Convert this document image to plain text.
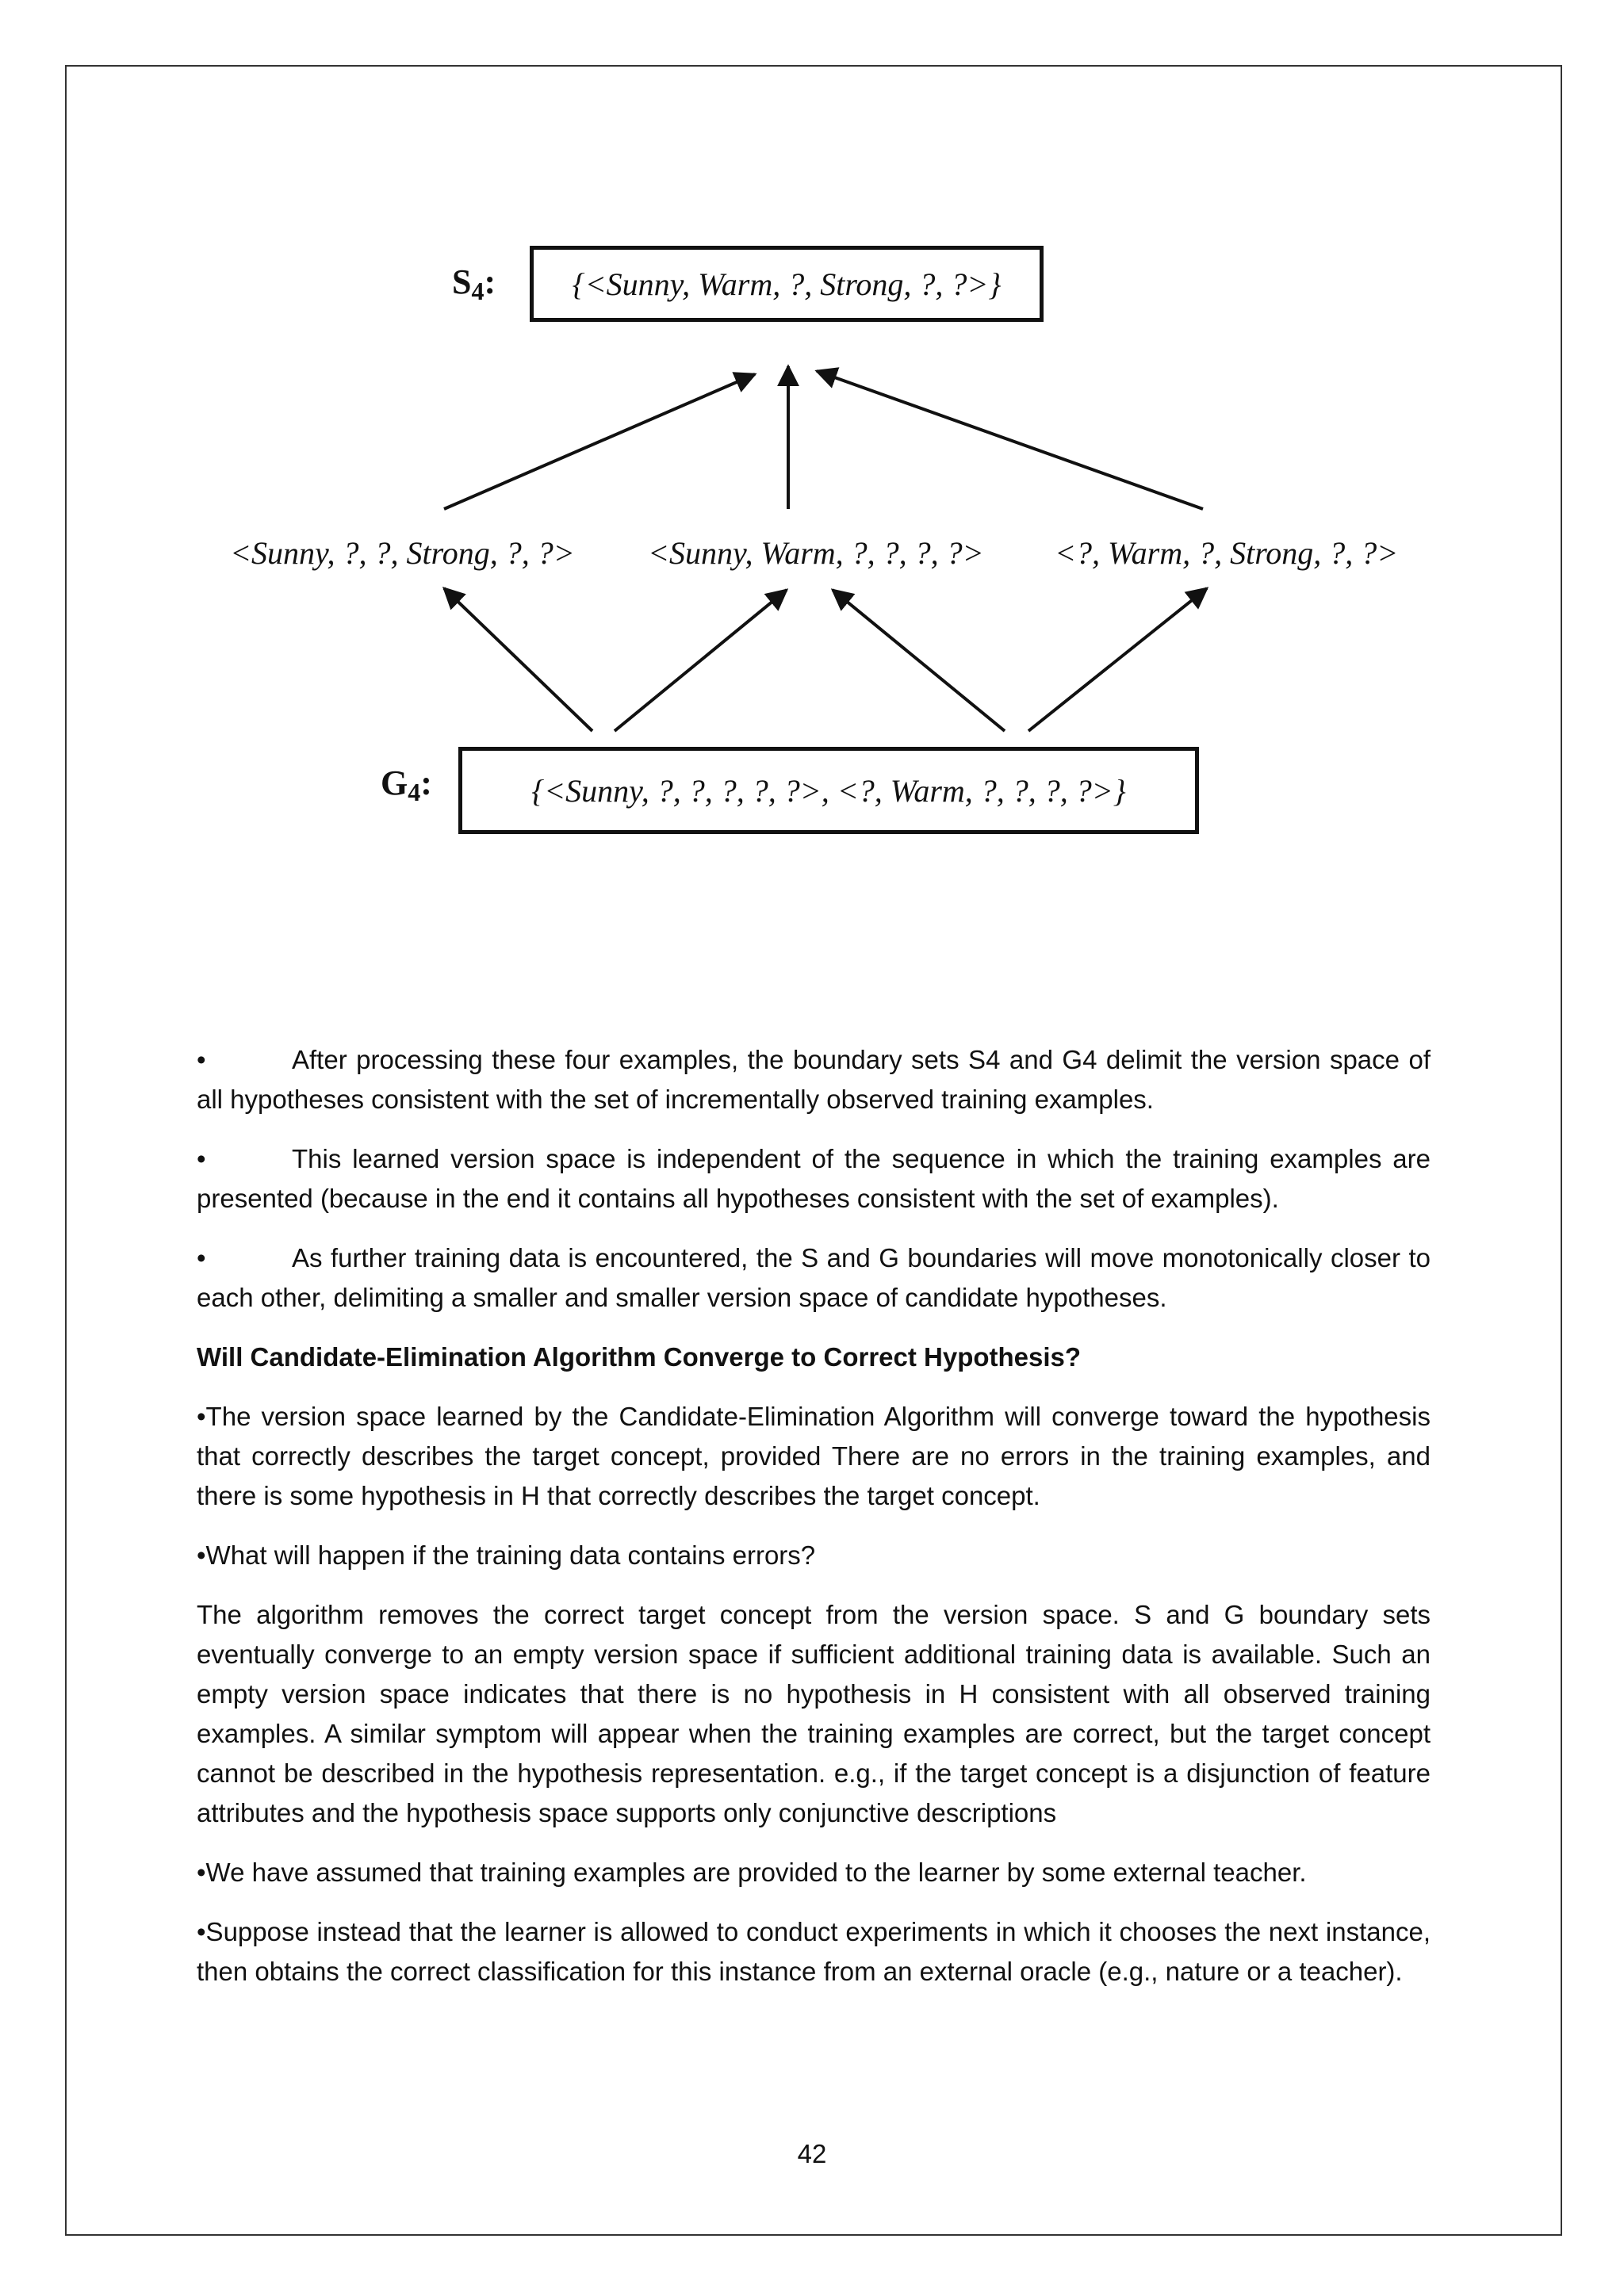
$S_4$:	{<Sunny, Warm, ?, Strong, ?, ?>}
<Sunny, ?, ?, Strong, ?, ?> <Sunny, Warm, ?, ?, ?, ?> <?, Warm, ?, Strong, ?, ?>
$G_4$:	{<Sunny, ?, ?, ?, ?, ?>, <?, Warm, ?, ?, ?, ?>}

•	After processing these four examples, the boundary sets S4 and G4 delimit the version space of all hypotheses consistent with the set of incrementally observed training examples.

•	This learned version space is independent of the sequence in which the training examples are presented (because in the end it contains all hypotheses consistent with the set of examples).

•	As further training data is encountered, the S and G boundaries will move monotonically closer to each other, delimiting a smaller and smaller version space of candidate hypotheses.

Will Candidate-Elimination Algorithm Converge to Correct Hypothesis?

•The version space learned by the Candidate-Elimination Algorithm will converge toward the hypothesis that correctly describes the target concept, provided There are no errors in the training examples, and there is some hypothesis in H that correctly describes the target concept.

•What will happen if the training data contains errors?

The algorithm removes the correct target concept from the version space. S and G boundary sets eventually converge to an empty version space if sufficient additional training data is available. Such an empty version space indicates that there is no hypothesis in H consistent with all observed training examples. A similar symptom will appear when the training examples are correct, but the target concept cannot be described in the hypothesis representation. e.g., if the target concept is a disjunction of feature attributes and the hypothesis space supports only conjunctive descriptions

•We have assumed that training examples are provided to the learner by some external teacher.

•Suppose instead that the learner is allowed to conduct experiments in which it chooses the next instance, then obtains the correct classification for this instance from an external oracle (e.g., nature or a teacher).

42
